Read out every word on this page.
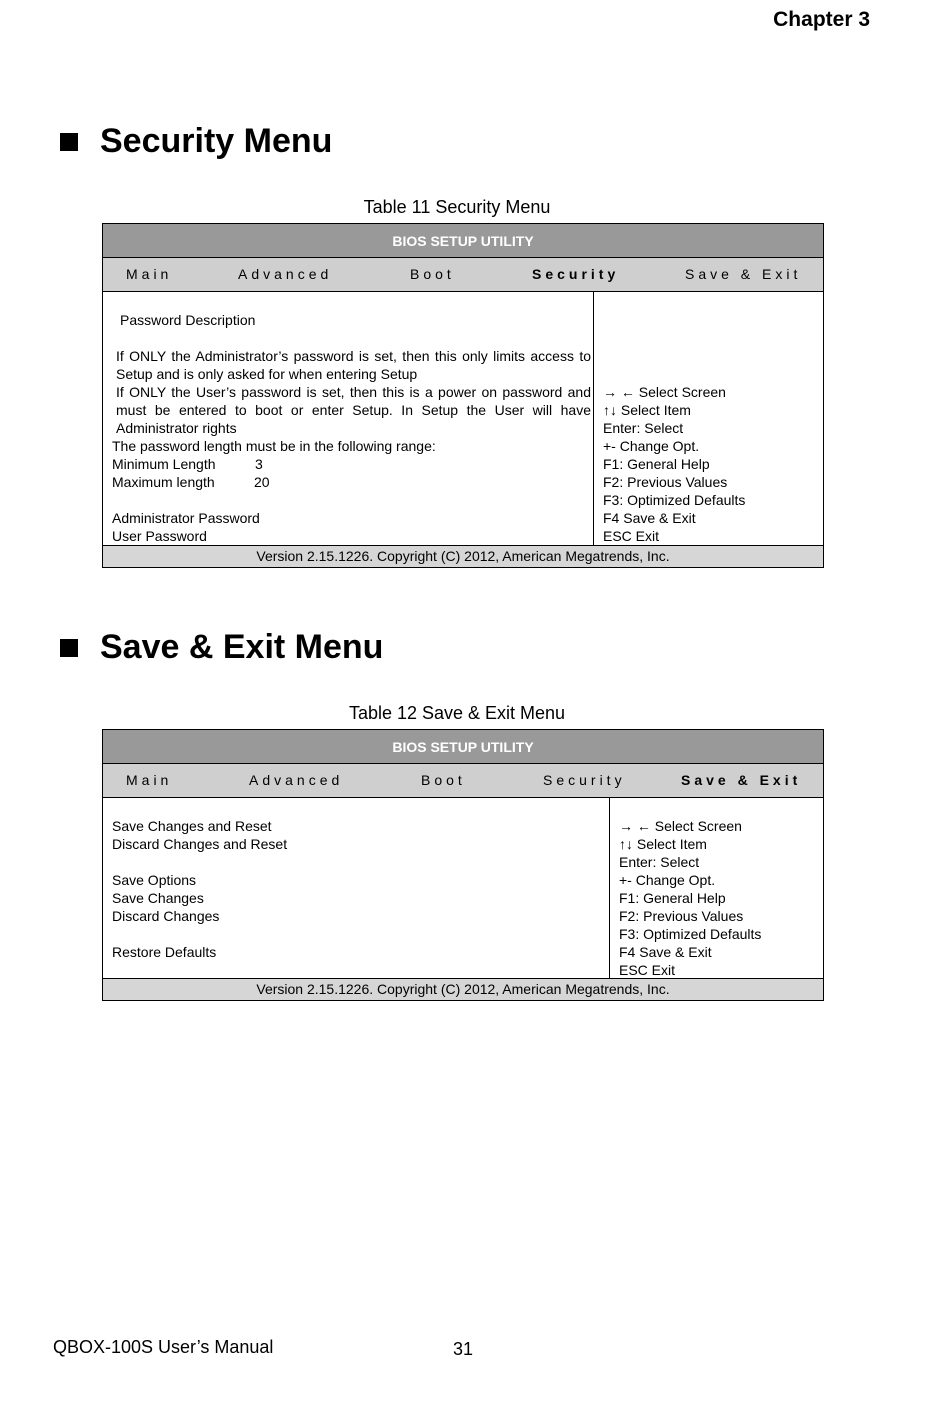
Chapter 3
Security Menu
Table 11 Security Menu
BIOS SETUP UTILITY
Main	Advanced	Boot	Security	Save & Exit
Password Description
If ONLY the Administrator’s password is set, then this only limits access to
Setup and is only asked for when entering Setup
If ONLY the User’s password is set, then this is a power on password and
must be entered to boot or enter Setup. In Setup the User will have
Administrator rights
The password length must be in the following range:
Minimum Length	3
Maximum length	20
Administrator Password
User Password
→ ← Select Screen
↑↓ Select Item
Enter: Select
+- Change Opt.
F1: General Help
F2: Previous Values
F3: Optimized Defaults
F4 Save & Exit
ESC Exit
Version 2.15.1226. Copyright (C) 2012, American Megatrends, Inc.
Save & Exit Menu
Table 12 Save & Exit Menu
BIOS SETUP UTILITY
Main	Advanced	Boot	Security	Save & Exit
Save Changes and Reset
Discard Changes and Reset
Save Options
Save Changes
Discard Changes
Restore Defaults
→ ← Select Screen
↑↓ Select Item
Enter: Select
+- Change Opt.
F1: General Help
F2: Previous Values
F3: Optimized Defaults
F4 Save & Exit
ESC Exit
Version 2.15.1226. Copyright (C) 2012, American Megatrends, Inc.
QBOX-100S User’s Manual	31
